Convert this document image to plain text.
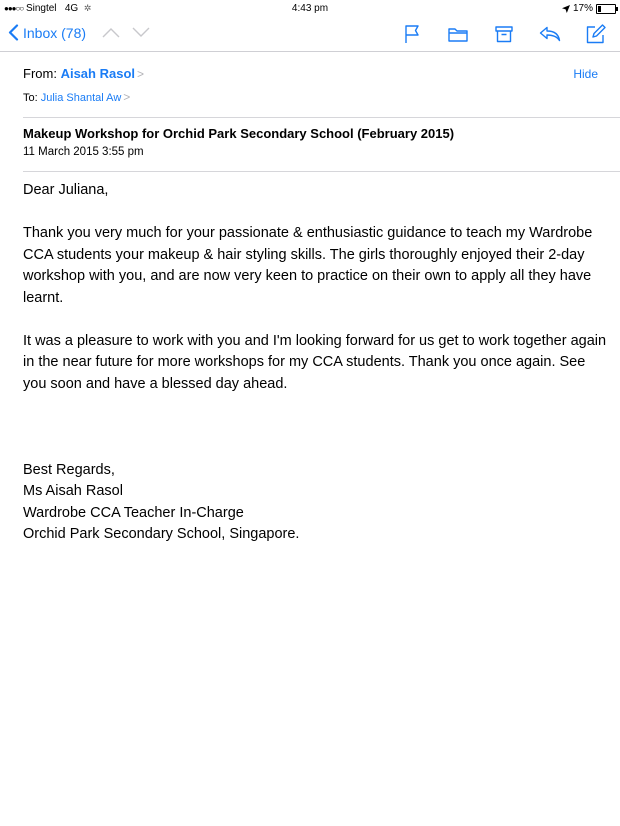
●●●○○ Singtel 4G ✲	4:43 pm	17%
Inbox (78)
From: Aisah Rasol >	Hide
To: Julia Shantal Aw >
Makeup Workshop for Orchid Park Secondary School (February 2015)
11 March 2015 3:55 pm

Dear Juliana,

Thank you very much for your passionate & enthusiastic guidance to teach my Wardrobe CCA students your makeup & hair styling skills. The girls thoroughly enjoyed their 2-day workshop with you, and are now very keen to practice on their own to apply all they have learnt.

It was a pleasure to work with you and I'm looking forward for us get to work together again in the near future for more workshops for my CCA students. Thank you once again. See you soon and have a blessed day ahead.

Best Regards,

Ms Aisah Rasol

Wardrobe CCA Teacher In-Charge

Orchid Park Secondary School, Singapore.
